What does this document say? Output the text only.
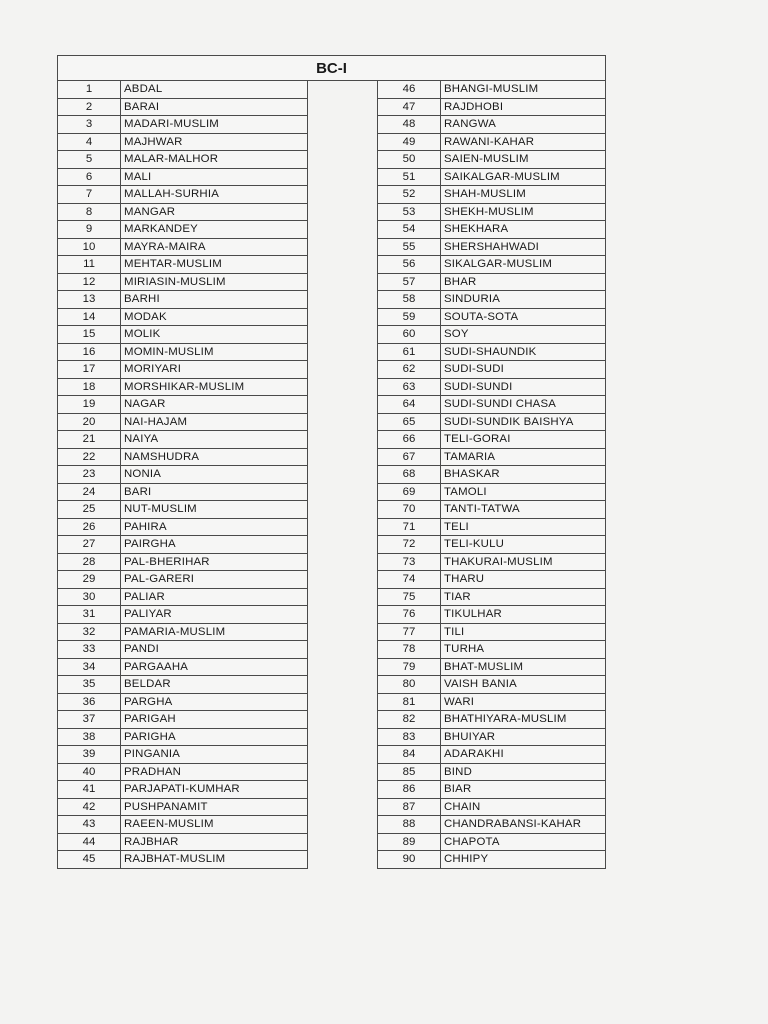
BC-I
1	ABDAL
2	BARAI
3	MADARI-MUSLIM
4	MAJHWAR
5	MALAR-MALHOR
6	MALI
7	MALLAH-SURHIA
8	MANGAR
9	MARKANDEY
10	MAYRA-MAIRA
11	MEHTAR-MUSLIM
12	MIRIASIN-MUSLIM
13	BARHI
14	MODAK
15	MOLIK
16	MOMIN-MUSLIM
17	MORIYARI
18	MORSHIKAR-MUSLIM
19	NAGAR
20	NAI-HAJAM
21	NAIYA
22	NAMSHUDRA
23	NONIA
24	BARI
25	NUT-MUSLIM
26	PAHIRA
27	PAIRGHA
28	PAL-BHERIHAR
29	PAL-GARERI
30	PALIAR
31	PALIYAR
32	PAMARIA-MUSLIM
33	PANDI
34	PARGAAHA
35	BELDAR
36	PARGHA
37	PARIGAH
38	PARIGHA
39	PINGANIA
40	PRADHAN
41	PARJAPATI-KUMHAR
42	PUSHPANAMIT
43	RAEEN-MUSLIM
44	RAJBHAR
45	RAJBHAT-MUSLIM
46	BHANGI-MUSLIM
47	RAJDHOBI
48	RANGWA
49	RAWANI-KAHAR
50	SAIEN-MUSLIM
51	SAIKALGAR-MUSLIM
52	SHAH-MUSLIM
53	SHEKH-MUSLIM
54	SHEKHARA
55	SHERSHAHWADI
56	SIKALGAR-MUSLIM
57	BHAR
58	SINDURIA
59	SOUTA-SOTA
60	SOY
61	SUDI-SHAUNDIK
62	SUDI-SUDI
63	SUDI-SUNDI
64	SUDI-SUNDI CHASA
65	SUDI-SUNDIK BAISHYA
66	TELI-GORAI
67	TAMARIA
68	BHASKAR
69	TAMOLI
70	TANTI-TATWA
71	TELI
72	TELI-KULU
73	THAKURAI-MUSLIM
74	THARU
75	TIAR
76	TIKULHAR
77	TILI
78	TURHA
79	BHAT-MUSLIM
80	VAISH BANIA
81	WARI
82	BHATHIYARA-MUSLIM
83	BHUIYAR
84	ADARAKHI
85	BIND
86	BIAR
87	CHAIN
88	CHANDRABANSI-KAHAR
89	CHAPOTA
90	CHHIPY
